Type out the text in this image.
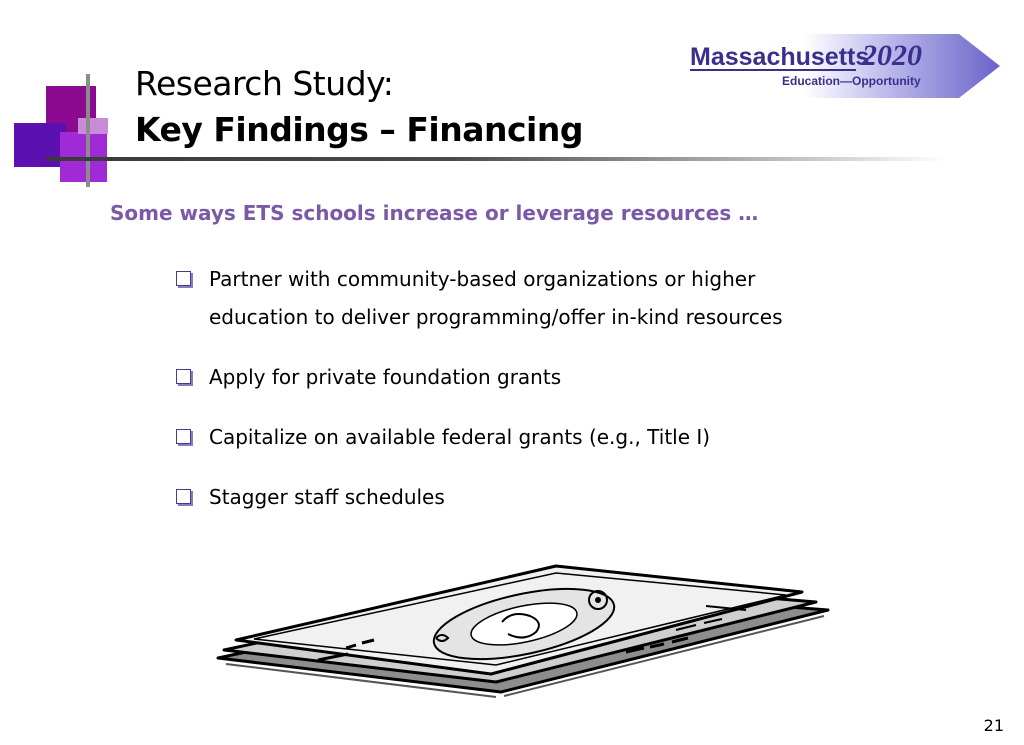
Research Study:
Key Findings – Financing
Massachusetts
2020
Education—Opportunity
Some ways ETS schools increase or leverage resources …
Partner with community-based organizations or higher
education to deliver programming/offer in-kind resources
Apply for private foundation grants
Capitalize on available federal grants (e.g., Title I)
Stagger staff schedules
21
